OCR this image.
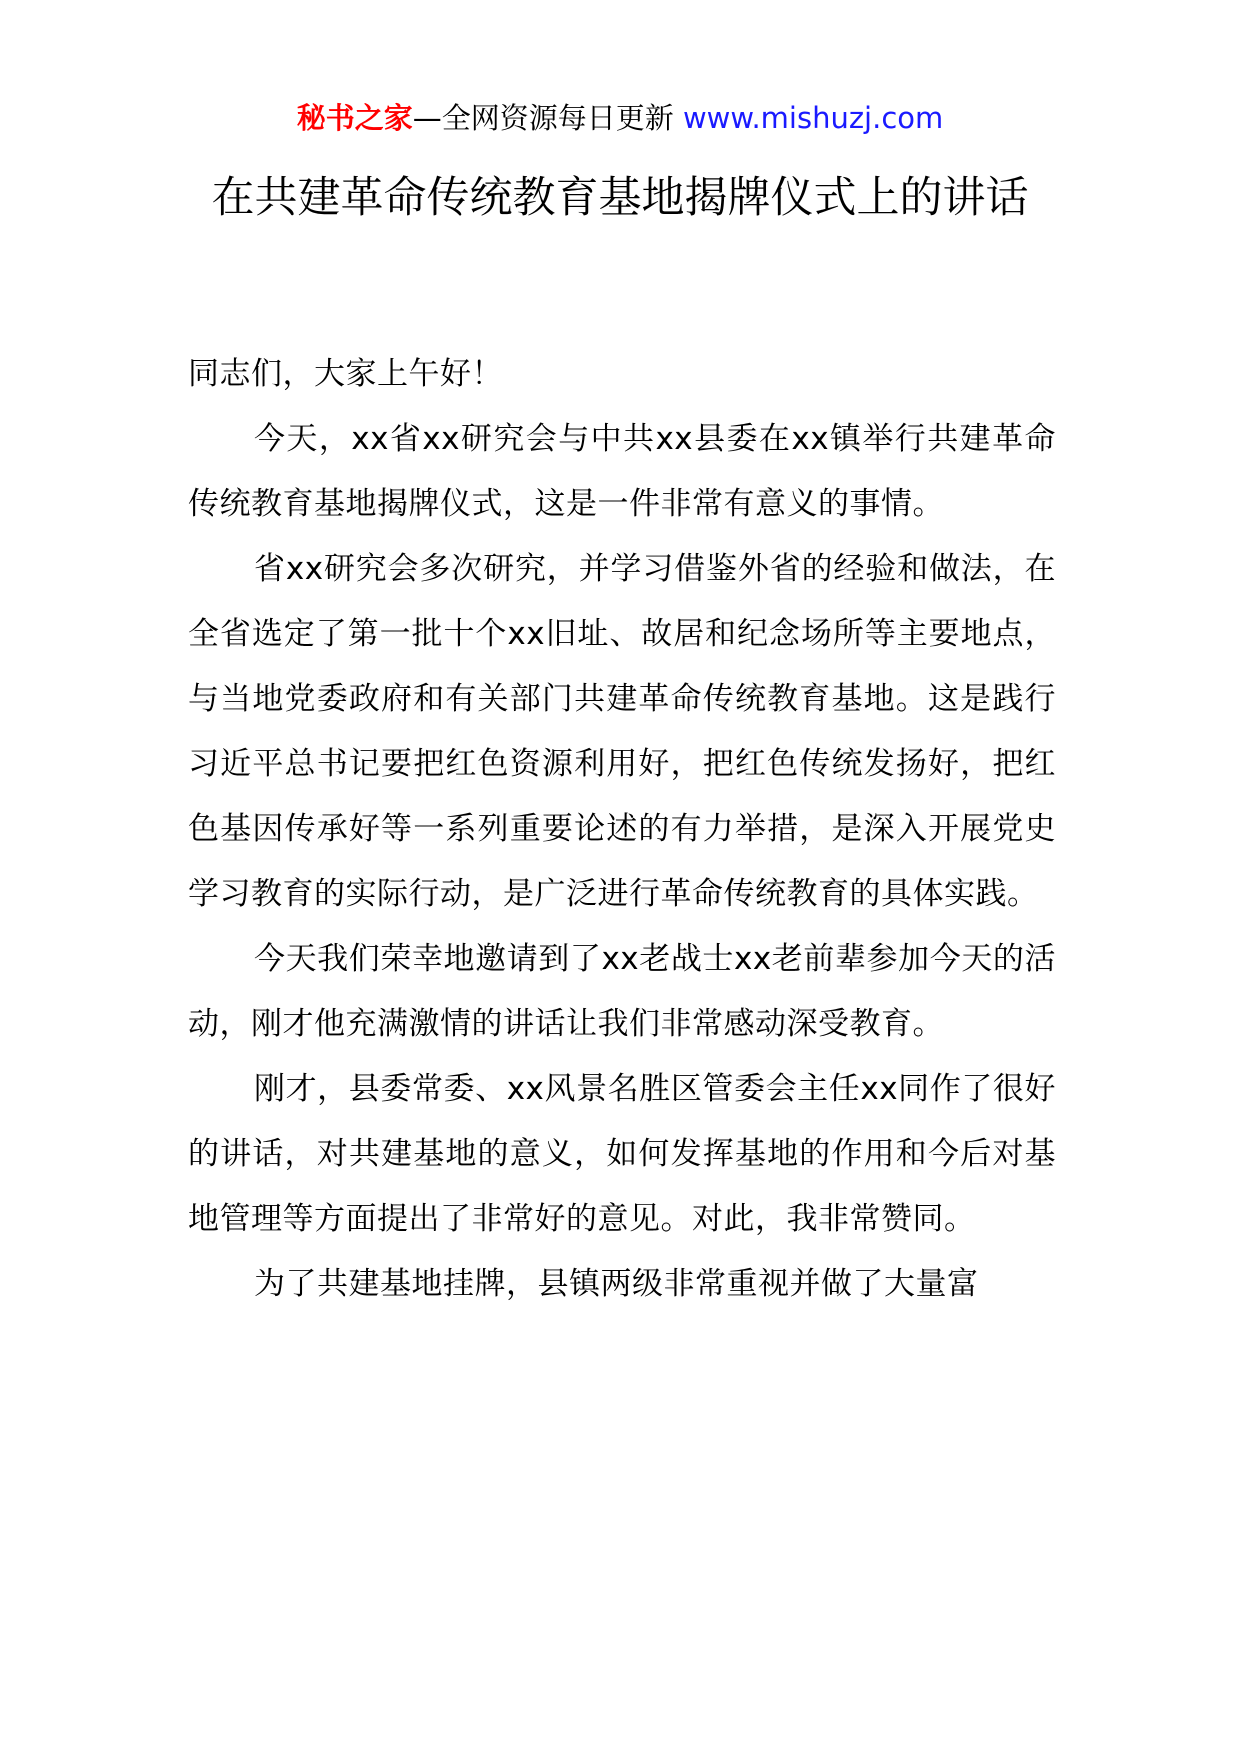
秘书之家—全网资源每日更新 www.mishuzj.com
在共建革命传统教育基地揭牌仪式上的讲话

同志们，大家上午好！

今天，xx省xx研究会与中共xx县委在xx镇举行共建革命传统教育基地揭牌仪式，这是一件非常有意义的事情。

省xx研究会多次研究，并学习借鉴外省的经验和做法，在全省选定了第一批十个xx旧址、故居和纪念场所等主要地点，与当地党委政府和有关部门共建革命传统教育基地。这是践行习近平总书记要把红色资源利用好，把红色传统发扬好，把红色基因传承好等一系列重要论述的有力举措，是深入开展党史学习教育的实际行动，是广泛进行革命传统教育的具体实践。

今天我们荣幸地邀请到了xx老战士xx老前辈参加今天的活动，刚才他充满激情的讲话让我们非常感动深受教育。

刚才，县委常委、xx风景名胜区管委会主任xx同作了很好的讲话，对共建基地的意义，如何发挥基地的作用和今后对基地管理等方面提出了非常好的意见。对此，我非常赞同。

为了共建基地挂牌，县镇两级非常重视并做了大量富
